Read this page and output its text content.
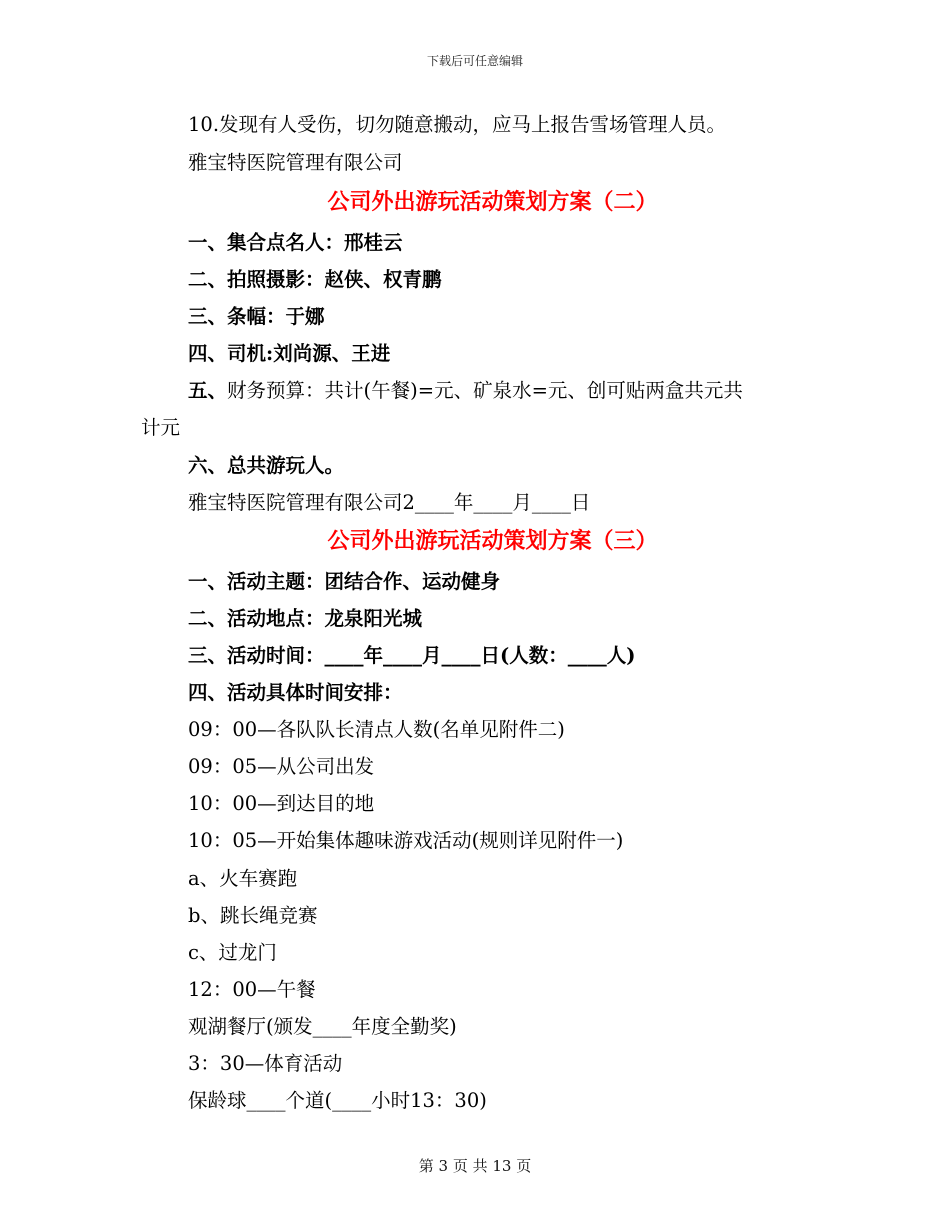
下载后可任意编辑
10.发现有人受伤，切勿随意搬动，应马上报告雪场管理人员。
雅宝特医院管理有限公司
公司外出游玩活动策划方案（二）
一、集合点名人：邢桂云
二、拍照摄影：赵侠、权青鹏
三、条幅：于娜
四、司机:刘尚源、王进
五、财务预算：共计(午餐)=元、矿泉水=元、创可贴两盒共元共
计元
六、总共游玩人。
雅宝特医院管理有限公司2____年____月____日
公司外出游玩活动策划方案（三）
一、活动主题：团结合作、运动健身
二、活动地点：龙泉阳光城
三、活动时间：____年____月____日(人数：____人)
四、活动具体时间安排：
09：00—各队队长清点人数(名单见附件二)
09：05—从公司出发
10：00—到达目的地
10：05—开始集体趣味游戏活动(规则详见附件一)
a、火车赛跑
b、跳长绳竞赛
c、过龙门
12：00—午餐
观湖餐厅(颁发____年度全勤奖)
3：30—体育活动
保龄球____个道(____小时13：30)
第 3 页 共 13 页
